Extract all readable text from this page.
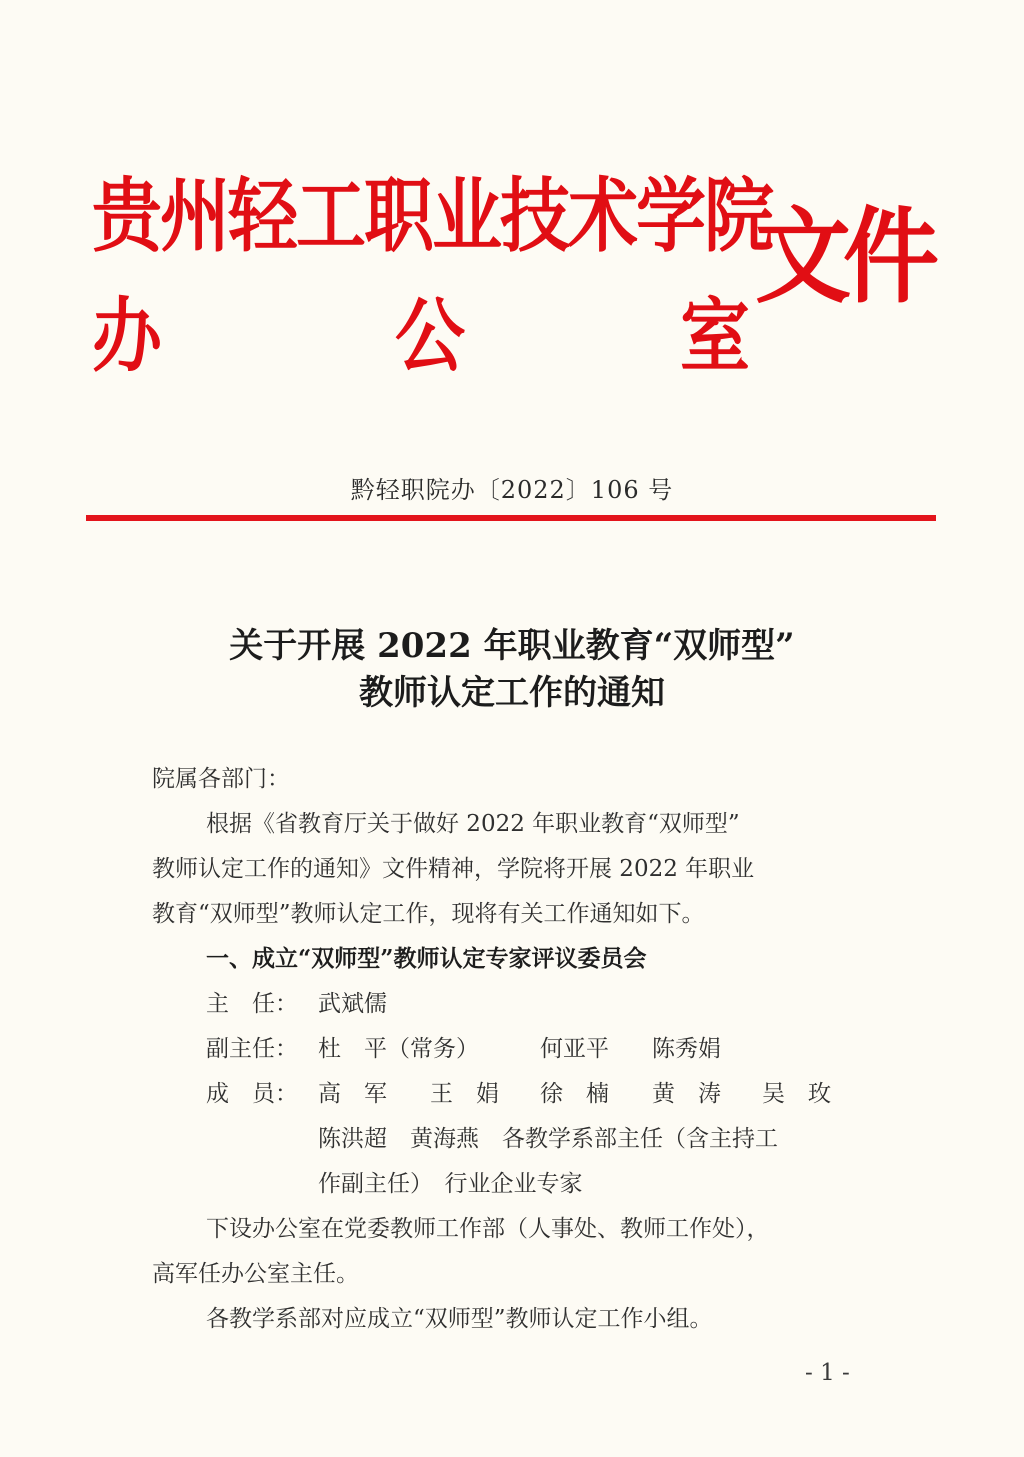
贵州轻工职业技术学院
办	公	室
文件
黔轻职院办〔2022〕106 号
关于开展 2022 年职业教育“双师型”
教师认定工作的通知
院属各部门：
根据《省教育厅关于做好 2022 年职业教育“双师型”
教师认定工作的通知》文件精神，学院将开展 2022 年职业
教育“双师型”教师认定工作，现将有关工作通知如下。
一、成立“双师型”教师认定专家评议委员会
主　任： 武斌儒
副主任： 杜　平（常务）	何亚平 陈秀娟
成　员： 高　军 王　娟 徐　楠 黄　涛 吴　玫
陈洪超　黄海燕　各教学系部主任（含主持工
作副主任）　行业企业专家
下设办公室在党委教师工作部（人事处、教师工作处），
高军任办公室主任。
各教学系部对应成立“双师型”教师认定工作小组。
- 1 -
